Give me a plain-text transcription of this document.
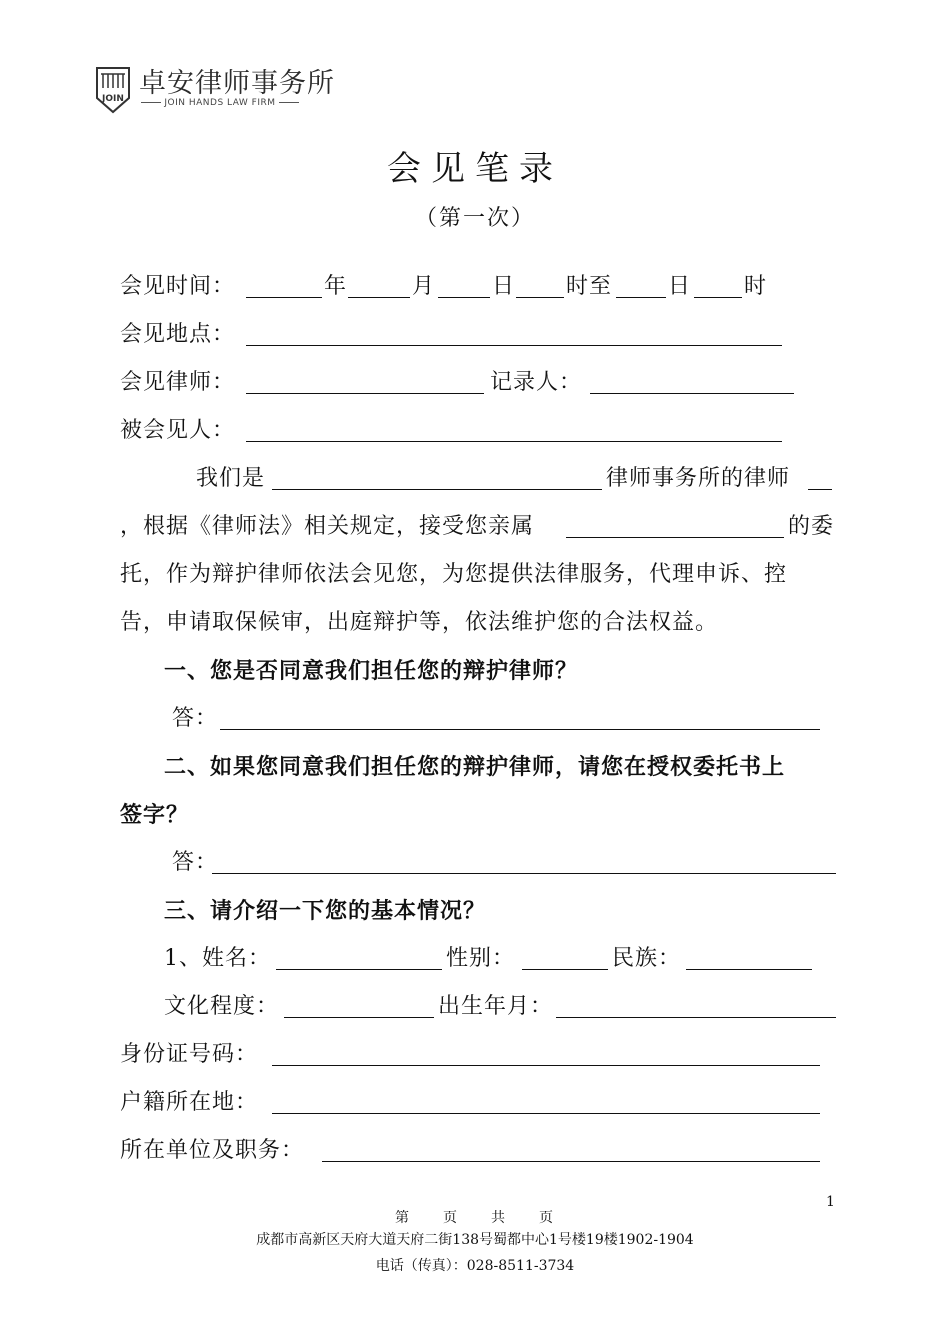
JOIN 卓安律师事务所
JOIN HANDS LAW FIRM
会见笔录
（第一次）
会见时间：	年	月	日 时至	日 时
会见地点：
会见律师：	记录人：
被会见人：
我们是	律师事务所的律师
，根据《律师法》相关规定，接受您亲属	的委
托，作为辩护律师依法会见您，为您提供法律服务，代理申诉、控
告，申请取保候审，出庭辩护等，依法维护您的合法权益。
一、您是否同意我们担任您的辩护律师？
答：
二、如果您同意我们担任您的辩护律师，请您在授权委托书上
签字？
答：
三、请介绍一下您的基本情况？
1、姓名：	性别：	民族：
文化程度：	出生年月：
身份证号码：
户籍所在地：
所在单位及职务：
1
第　　页　　共　　页
成都市高新区天府大道天府二街138号蜀都中心1号楼19楼1902-1904
电话（传真）：028-8511-3734
